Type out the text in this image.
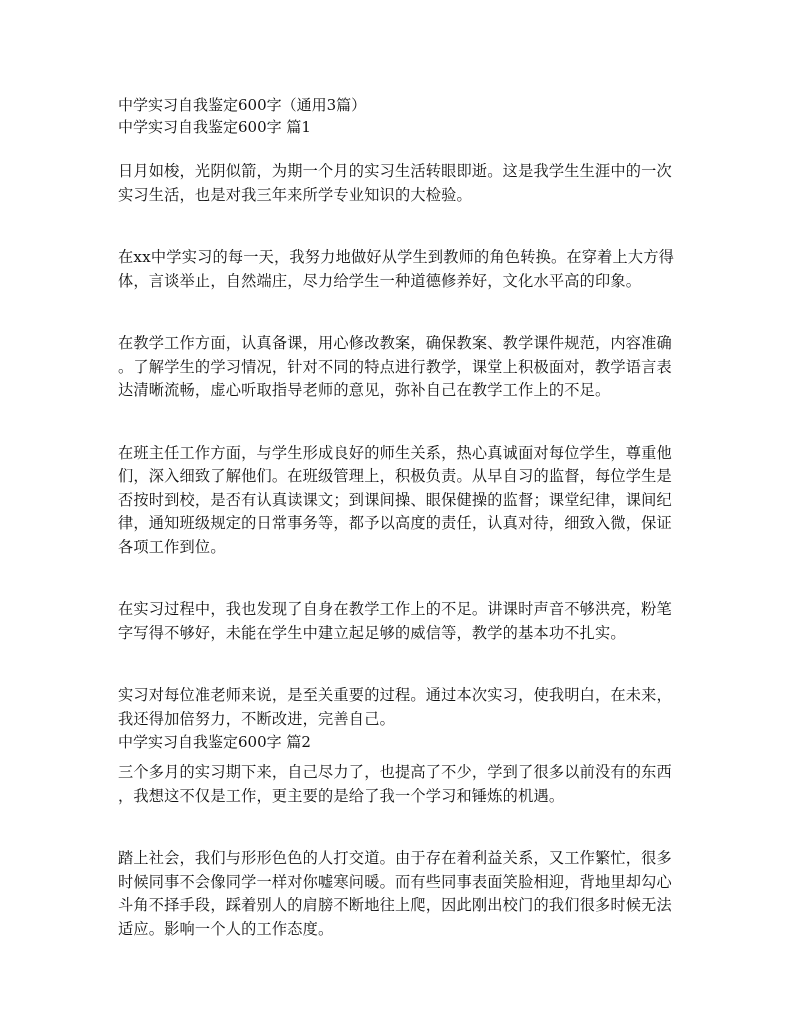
中学实习自我鉴定600字（通用3篇）
中学实习自我鉴定600字 篇1
日月如梭，光阴似箭，为期一个月的实习生活转眼即逝。这是我学生生涯中的一次
实习生活，也是对我三年来所学专业知识的大检验。
在xx中学实习的每一天，我努力地做好从学生到教师的角色转换。在穿着上大方得
体，言谈举止，自然端庄，尽力给学生一种道德修养好，文化水平高的印象。
在教学工作方面，认真备课，用心修改教案，确保教案、教学课件规范，内容准确
。了解学生的学习情况，针对不同的特点进行教学，课堂上积极面对，教学语言表
达清晰流畅，虚心听取指导老师的意见，弥补自己在教学工作上的不足。
在班主任工作方面，与学生形成良好的师生关系，热心真诚面对每位学生，尊重他
们，深入细致了解他们。在班级管理上，积极负责。从早自习的监督，每位学生是
否按时到校，是否有认真读课文；到课间操、眼保健操的监督；课堂纪律，课间纪
律，通知班级规定的日常事务等，都予以高度的责任，认真对待，细致入微，保证
各项工作到位。
在实习过程中，我也发现了自身在教学工作上的不足。讲课时声音不够洪亮，粉笔
字写得不够好，未能在学生中建立起足够的威信等，教学的基本功不扎实。
实习对每位准老师来说，是至关重要的过程。通过本次实习，使我明白，在未来，
我还得加倍努力，不断改进，完善自己。
中学实习自我鉴定600字 篇2
三个多月的实习期下来，自己尽力了，也提高了不少，学到了很多以前没有的东西
，我想这不仅是工作，更主要的是给了我一个学习和锤炼的机遇。
踏上社会，我们与形形色色的人打交道。由于存在着利益关系，又工作繁忙，很多
时候同事不会像同学一样对你嘘寒问暖。而有些同事表面笑脸相迎，背地里却勾心
斗角不择手段，踩着别人的肩膀不断地往上爬，因此刚出校门的我们很多时候无法
适应。影响一个人的工作态度。
